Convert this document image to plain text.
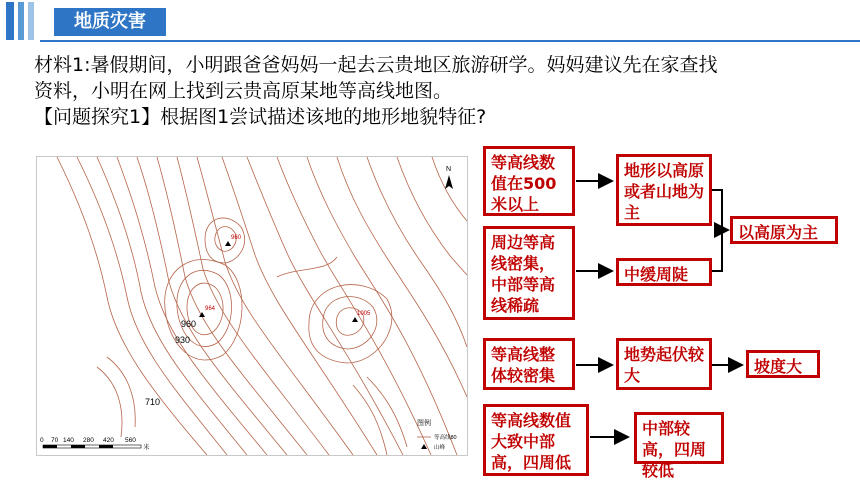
地质灾害
材料1:暑假期间，小明跟爸爸妈妈一起去云贵地区旅游研学。妈妈建议先在家查找
资料，小明在网上找到云贵高原某地等高线地图。
【问题探究1】根据图1尝试描述该地的地形地貌特征?
960
964
1005
960
930
710
N
0 70 140 280 420 560
米
图例
等高线80
山峰
等高线数值在500米以上
地形以高原或者山地为主
周边等高线密集，中部等高线稀疏
中缓周陡
以高原为主
等高线整体较密集
地势起伏较大	坡度大
等高线数值大致中部高，四周低
中部较高，四周较低
